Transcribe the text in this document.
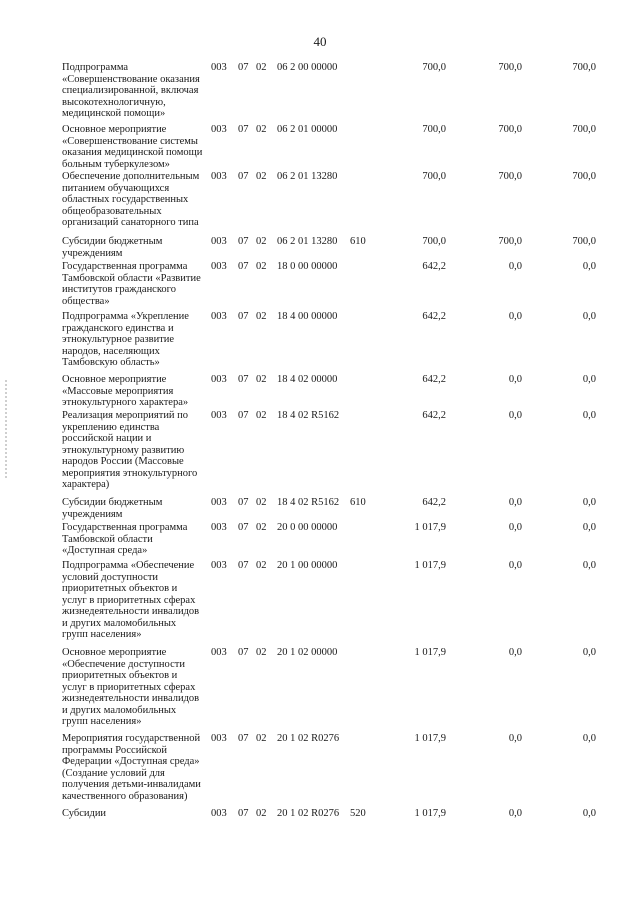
40
Подпрограмма
«Совершенствование оказания
специализированной, включая
высокотехнологичную,
медицинской помощи»
003 07 02 06 2 00 00000	700,0	700,0	700,0
Основное мероприятие
«Совершенствование системы
оказания медицинской помощи
больным туберкулезом»
003 07 02 06 2 01 00000	700,0	700,0	700,0
Обеспечение дополнительным
питанием обучающихся
областных государственных
общеобразовательных
организаций санаторного типа
003 07 02 06 2 01 13280	700,0	700,0	700,0
Субсидии бюджетным
учреждениям
003 07 02 06 2 01 13280 610	700,0	700,0	700,0
Государственная программа
Тамбовской области «Развитие
институтов гражданского
общества»
003 07 02 18 0 00 00000	642,2	0,0	0,0
Подпрограмма «Укрепление
гражданского единства и
этнокультурное развитие
народов, населяющих
Тамбовскую область»
003 07 02 18 4 00 00000	642,2	0,0	0,0
Основное мероприятие
«Массовые мероприятия
этнокультурного характера»
003 07 02 18 4 02 00000	642,2	0,0	0,0
Реализация мероприятий по
укреплению единства
российской нации и
этнокультурному развитию
народов России (Массовые
мероприятия этнокультурного
характера)
003 07 02 18 4 02 R5162	642,2	0,0	0,0
Субсидии бюджетным
учреждениям
003 07 02 18 4 02 R5162 610	642,2	0,0	0,0
Государственная программа
Тамбовской области
«Доступная среда»
003 07 02 20 0 00 00000	1 017,9	0,0	0,0
Подпрограмма «Обеспечение
условий доступности
приоритетных объектов и
услуг в приоритетных сферах
жизнедеятельности инвалидов
и других маломобильных
групп населения»
003 07 02 20 1 00 00000	1 017,9	0,0	0,0
Основное мероприятие
«Обеспечение доступности
приоритетных объектов и
услуг в приоритетных сферах
жизнедеятельности инвалидов
и других маломобильных
групп населения»
003 07 02 20 1 02 00000	1 017,9	0,0	0,0
Мероприятия государственной
программы Российской
Федерации «Доступная среда»
(Создание условий для
получения детьми-инвалидами
качественного образования)
003 07 02 20 1 02 R0276	1 017,9	0,0	0,0
Субсидии	003 07 02 20 1 02 R0276 520	1 017,9	0,0	0,0
